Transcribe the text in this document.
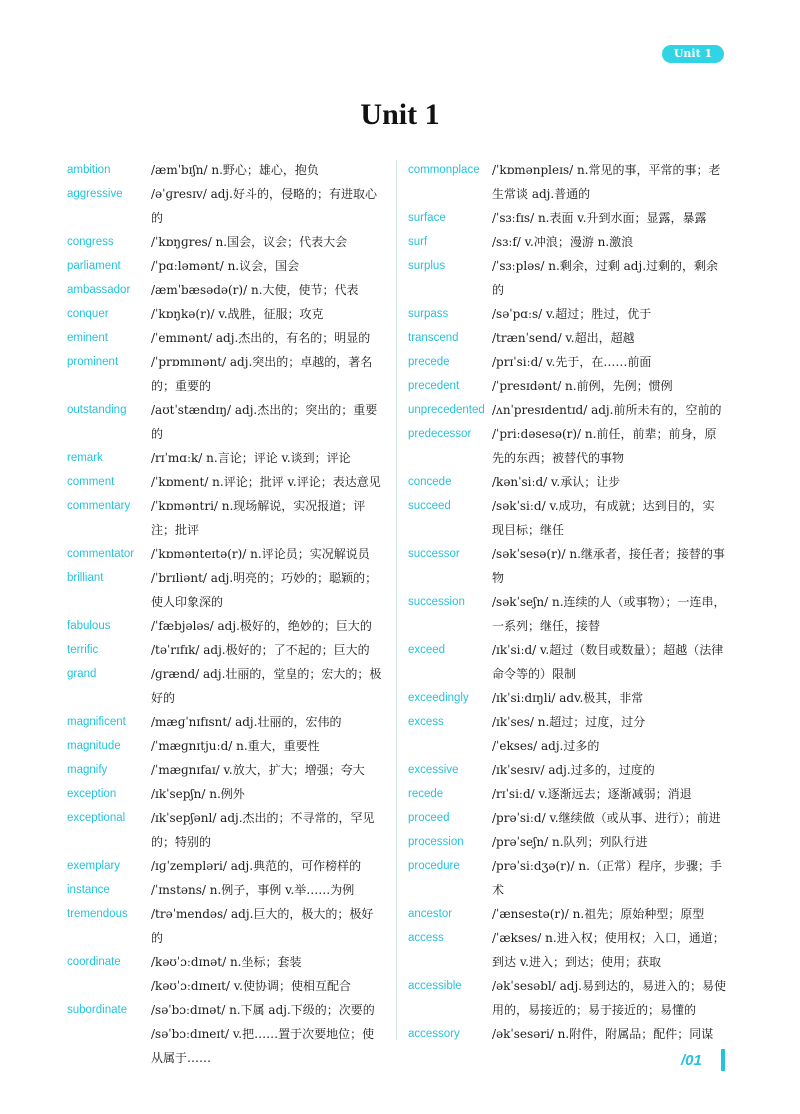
Unit 1
Unit 1
ambition	/æmˈbɪʃn/ n.野心；雄心，抱负
aggressive	/əˈɡresɪv/ adj.好斗的，侵略的；有进取心的
congress	/ˈkɒŋɡres/ n.国会，议会；代表大会
parliament	/ˈpɑːləmənt/ n.议会，国会
ambassador	/æmˈbæsədə(r)/ n.大使，使节；代表
conquer	/ˈkɒŋkə(r)/ v.战胜，征服；攻克
eminent	/ˈemɪnənt/ adj.杰出的，有名的；明显的
prominent	/ˈprɒmɪnənt/ adj.突出的；卓越的，著名的；重要的
outstanding	/aʊtˈstændɪŋ/ adj.杰出的；突出的；重要的
remark	/rɪˈmɑːk/ n.言论；评论 v.谈到；评论
comment	/ˈkɒment/ n.评论；批评 v.评论；表达意见
commentary	/ˈkɒməntri/ n.现场解说，实况报道；评注；批评
commentator	/ˈkɒmənteɪtə(r)/ n.评论员；实况解说员
brilliant	/ˈbrɪliənt/ adj.明亮的；巧妙的；聪颖的；使人印象深的
fabulous	/ˈfæbjələs/ adj.极好的，绝妙的；巨大的
terrific	/təˈrɪfɪk/ adj.极好的；了不起的；巨大的
grand	/ɡrænd/ adj.壮丽的，堂皇的；宏大的；极好的
magnificent	/mæɡˈnɪfɪsnt/ adj.壮丽的，宏伟的
magnitude	/ˈmæɡnɪtjuːd/ n.重大，重要性
magnify	/ˈmæɡnɪfaɪ/ v.放大，扩大；增强；夸大
exception	/ɪkˈsepʃn/ n.例外
exceptional	/ɪkˈsepʃənl/ adj.杰出的；不寻常的，罕见的；特别的
exemplary	/ɪɡˈzempləri/ adj.典范的，可作榜样的
instance	/ˈɪnstəns/ n.例子，事例 v.举……为例
tremendous	/trəˈmendəs/ adj.巨大的，极大的；极好的
coordinate	/kəʊˈɔːdɪnət/ n.坐标；套装
/kəʊˈɔːdɪneɪt/ v.使协调；使相互配合
subordinate	/səˈbɔːdɪnət/ n.下属 adj.下级的；次要的
/səˈbɔːdɪneɪt/ v.把……置于次要地位；使从属于……
commonplace	/ˈkɒmənpleɪs/ n.常见的事，平常的事；老生常谈 adj.普通的
surface	/ˈsɜːfɪs/ n.表面 v.升到水面；显露，暴露
surf	/sɜːf/ v.冲浪；漫游 n.激浪
surplus	/ˈsɜːpləs/ n.剩余，过剩 adj.过剩的，剩余的
surpass	/səˈpɑːs/ v.超过；胜过，优于
transcend	/trænˈsend/ v.超出，超越
precede	/prɪˈsiːd/ v.先于，在……前面
precedent	/ˈpresɪdənt/ n.前例，先例；惯例
unprecedented /ʌnˈpresɪdentɪd/ adj.前所未有的，空前的
predecessor	/ˈpriːdəsesə(r)/ n.前任，前辈；前身，原先的东西；被替代的事物
concede	/kənˈsiːd/ v.承认；让步
succeed	/səkˈsiːd/ v.成功，有成就；达到目的，实现目标；继任
successor	/səkˈsesə(r)/ n.继承者，接任者；接替的事物
succession	/səkˈseʃn/ n.连续的人（或事物）；一连串，一系列；继任，接替
exceed	/ɪkˈsiːd/ v.超过（数目或数量）；超越（法律命令等的）限制
exceedingly	/ɪkˈsiːdɪŋli/ adv.极其，非常
excess	/ɪkˈses/ n.超过；过度，过分
/ˈekses/ adj.过多的
excessive	/ɪkˈsesɪv/ adj.过多的，过度的
recede	/rɪˈsiːd/ v.逐渐远去；逐渐减弱；消退
proceed	/prəˈsiːd/ v.继续做（或从事、进行）；前进
procession	/prəˈseʃn/ n.队列；列队行进
procedure	/prəˈsiːdʒə(r)/ n.（正常）程序，步骤；手术
ancestor	/ˈænsestə(r)/ n.祖先；原始种型；原型
access	/ˈækses/ n.进入权；使用权；入口，通道；到达 v.进入；到达；使用；获取
accessible	/əkˈsesəbl/ adj.易到达的，易进入的；易使用的，易接近的；易于接近的；易懂的
accessory	/əkˈsesəri/ n.附件，附属品；配件；同谋
/01
